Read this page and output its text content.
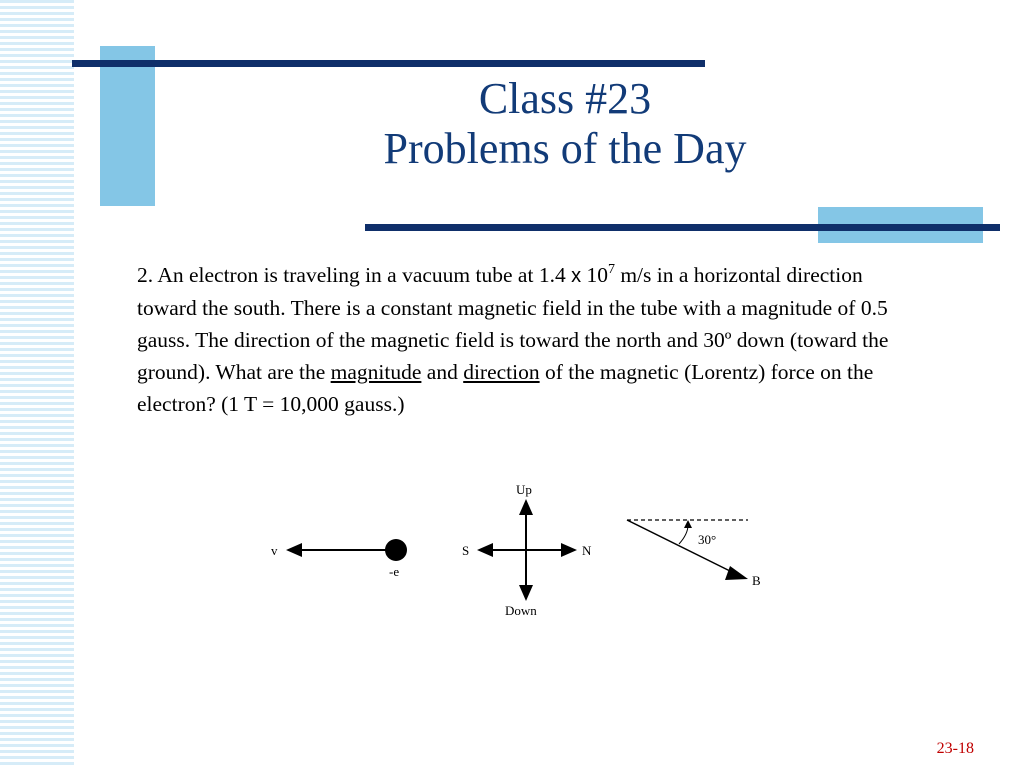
Class #23
Problems of the Day
2. An electron is traveling in a vacuum tube at 1.4 x $10^7$ m/s in a horizontal direction toward the south. There is a constant magnetic field in the tube with a magnitude of 0.5 gauss. The direction of the magnetic field is toward the north and 30º down (toward the ground). What are the magnitude and direction of the magnetic (Lorentz) force on the electron? (1 T = 10,000 gauss.)
v
-e
Up
Down
S	N
30°
B
23-18
